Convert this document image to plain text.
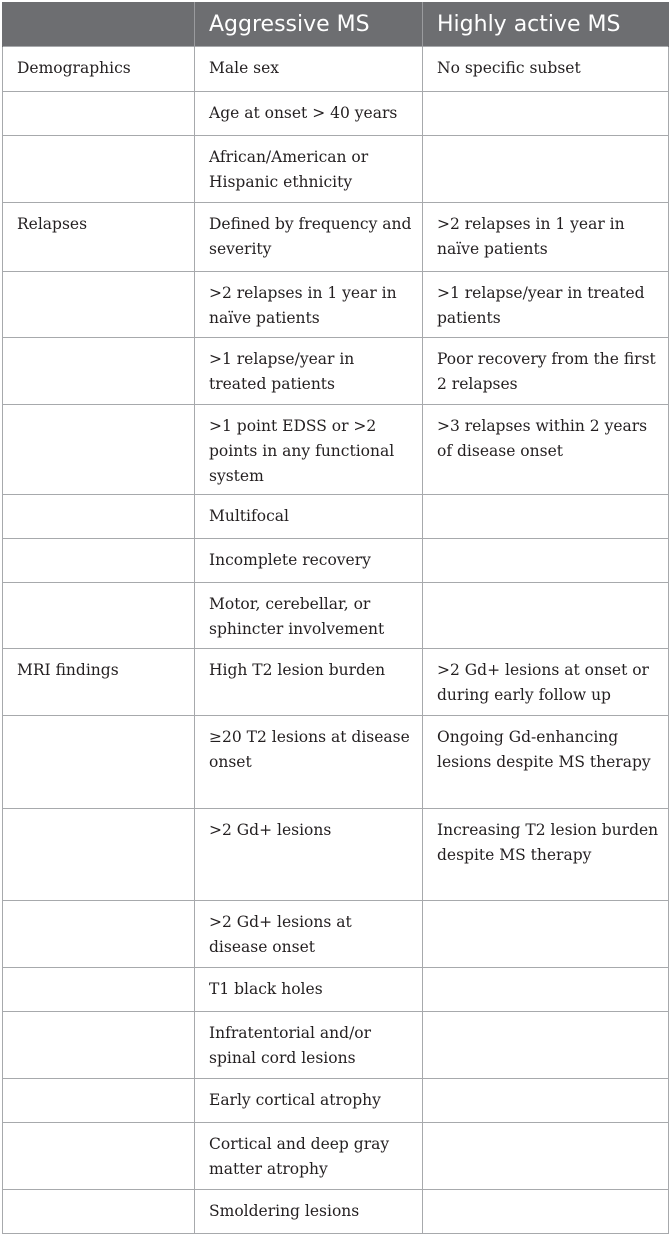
	Aggressive MS	Highly active MS
Demographics	Male sex	No specific subset
	Age at onset > 40 years	
	African/American or Hispanic ethnicity	
Relapses	Defined by frequency and severity	>2 relapses in 1 year in naïve patients
	>2 relapses in 1 year in naïve patients	>1 relapse/year in treated patients
	>1 relapse/year in treated patients	Poor recovery from the first 2 relapses
	>1 point EDSS or >2 points in any functional system	>3 relapses within 2 years of disease onset
	Multifocal	
	Incomplete recovery	
	Motor, cerebellar, or sphincter involvement	
MRI findings	High T2 lesion burden	>2 Gd+ lesions at onset or during early follow up
	≥20 T2 lesions at disease onset	Ongoing Gd-enhancing lesions despite MS therapy
	>2 Gd+ lesions	Increasing T2 lesion burden despite MS therapy
	>2 Gd+ lesions at disease onset	
	T1 black holes	
	Infratentorial and/or spinal cord lesions	
	Early cortical atrophy	
	Cortical and deep gray matter atrophy	
	Smoldering lesions	
